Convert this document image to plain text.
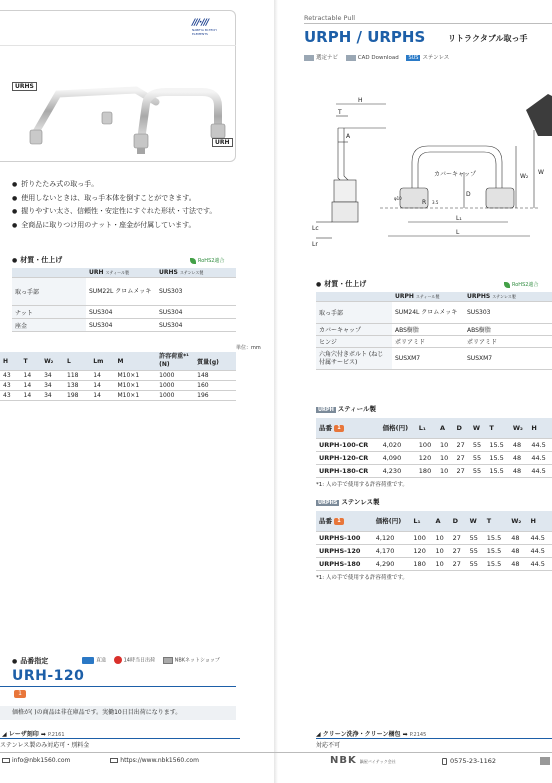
///·///
NABEYA BI-TECH ELEMENTS
URHS
URH
● 折りたたみ式の取っ手。
● 使用しないときは、取っ手本体を倒すことができます。
● 握りやすい太さ、信頼性・安定性にすぐれた形状・寸法です。
● 全商品に取りつけ用のナット・座金が付属しています。
● 材質・仕上げ	RoHS2適合
	URH スティール製	URHS ステンレス製
取っ手部	SUM22L クロムメッキ	SUS303
ナット	SUS304	SUS304
座金	SUS304	SUS304
単位：mm
H	T	W₂	L	Lm	M	許容荷重*¹ (N)	質量(g)
43	14	34	118	14	M10×1	1000	148
43	14	34	138	14	M10×1	1000	160
43	14	34	198	14	M10×1	1000	196
● 品番指定	直送	14時当日出荷	NBKネットショップ
URH-120
1
価格が( )の商品は非在庫品です。実働10日目出荷になります。
◢ レーザ刻印 ➡ P.2161
ステンレス製のみ対応可・別料金
info@nbk1560.com	https://www.nbk1560.com
Retractable Pull
URPH / URPHS	リトラクタブル取っ手
選定ナビ	CAD Download SUS ステンレス
H
T
A
Lc
Lr
カバーキャップ
D
R 3.5
φ10
L₁
L
W
W₂
● 材質・仕上げ	RoHS2適合
	URPH スティール製	URPHS ステンレス製
取っ手部	SUM24L クロムメッキ	SUS303
カバーキャップ	ABS樹脂	ABS樹脂
ヒンジ	ポリアミド	ポリアミド
六角穴付きボルト (ねじ付属サービス)	SUSXM7	SUSXM7
URPH スティール製
品番 1	価格(円)	L₁	A	D	W	T	W₂	H
URPH-100-CR	4,020	100	10	27	55	15.5	48	44.5
URPH-120-CR	4,090	120	10	27	55	15.5	48	44.5
URPH-180-CR	4,230	180	10	27	55	15.5	48	44.5
*1: 人の手で使用する許容荷重です。
URPHS ステンレス製
品番 1	価格(円)	L₁	A	D	W	T	W₂	H
URPHS-100	4,120	100	10	27	55	15.5	48	44.5
URPHS-120	4,170	120	10	27	55	15.5	48	44.5
URPHS-180	4,290	180	10	27	55	15.5	48	44.5
*1: 人の手で使用する許容荷重です。
◢ クリーン洗浄・クリーン梱包 ➡ P.2145
対応不可
NBK 鍋屋バイテック会社	0575-23-1162
